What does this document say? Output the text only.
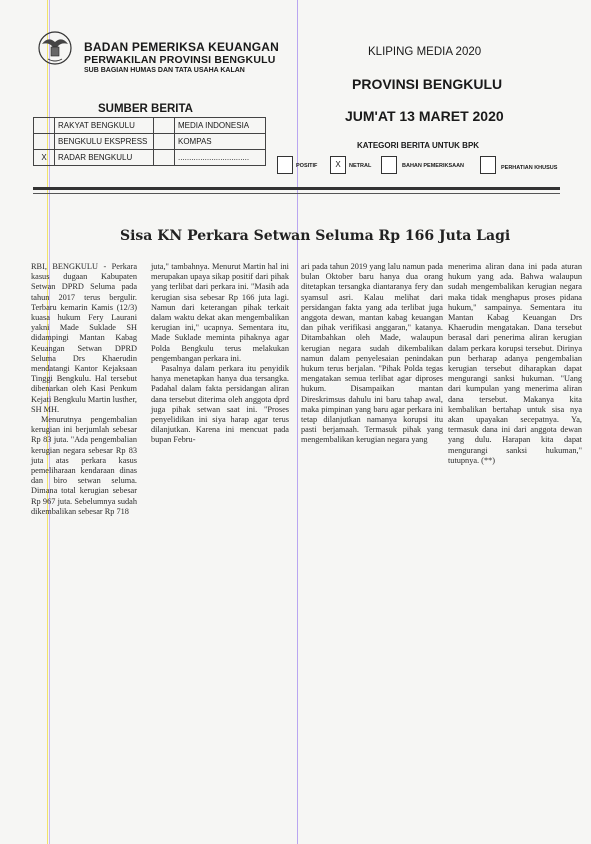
BADAN PEMERIKSA KEUANGAN
PERWAKILAN PROVINSI BENGKULU
SUB BAGIAN HUMAS DAN TATA USAHA KALAN
KLIPING MEDIA 2020
PROVINSI BENGKULU
JUM'AT 13 MARET 2020
SUMBER BERITA
	RAKYAT BENGKULU		MEDIA INDONESIA
	BENGKULU EKSPRESS		KOMPAS
X	RADAR BENGKULU		................................
KATEGORI BERITA UNTUK BPK
POSITIF	X	NETRAL	BAHAN PEMERIKSAAN	PERHATIAN KHUSUS
Sisa KN Perkara Setwan Seluma Rp 166 Juta Lagi
RBI, BENGKULU - Perkara kasus dugaan Kabupaten Setwan DPRD Seluma pada tahun 2017 terus bergulir. Terbaru kemarin Kamis (12/3) kuasa hukum Fery Laurani yakni Made Suklade SH didampingi Mantan Kabag Keuangan Setwan DPRD Seluma Drs Khaerudin mendatangi Kantor Kejaksaan Tinggi Bengkulu. Hal tersebut dibenarkan oleh Kasi Penkum Kejati Bengkulu Martin lusther, SH MH.
Menurutnya pengembalian kerugian ini berjumlah sebesar Rp 83 juta. "Ada pengembalian kerugian negara sebesar Rp 83 juta atas perkara kasus pemeliharaan kendaraan dinas dan biro setwan seluma. Dimana total kerugian sebesar Rp 967 juta. Sebelumnya sudah dikembalikan sebesar Rp 718
juta," tambahnya. Menurut Martin hal ini merupakan upaya sikap positif dari pihak yang terlibat dari perkara ini. "Masih ada kerugian sisa sebesar Rp 166 juta lagi. Namun dari keterangan pihak terkait dalam waktu dekat akan mengembalikan kerugian ini," ucapnya. Sementara itu, Made Suklade meminta pihaknya agar Polda Bengkulu terus melakukan pengembangan perkara ini.
Pasalnya dalam perkara itu penyidik hanya menetapkan hanya dua tersangka. Padahal dalam fakta persidangan aliran dana tersebut diterima oleh anggota dprd juga pihak setwan saat ini. "Proses penyelidikan ini siya harap agar terus dilanjutkan. Karena ini mencuat pada bupan Febru-
ari pada tahun 2019 yang lalu namun pada bulan Oktober baru hanya dua orang ditetapkan tersangka diantaranya fery dan syamsul asri. Kalau melihat dari persidangan fakta yang ada terlibat juga anggota dewan, mantan kabag keuangan dan pihak verifikasi anggaran," katanya. Ditambahkan oleh Made, walaupun kerugian negara sudah dikembalikan namun dalam penyelesaian penindakan hukum terus berjalan. "Pihak Polda tegas mengatakan semua terlibat agar diproses hukum. Disampaikan mantan Direskrimsus dahulu ini baru tahap awal, maka pimpinan yang baru agar perkara ini tetap dilanjutkan namanya korupsi itu pasti berjamaah. Termasuk pihak yang mengembalikan kerugian negara yang
menerima aliran dana ini pada aturan hukum yang ada. Bahwa walaupun sudah mengembalikan kerugian negara maka tidak menghapus proses pidana hukum," sampainya. Sementara itu Mantan Kabag Keuangan Drs Khaerudin mengatakan. Dana tersebut berasal dari penerima aliran kerugian dalam perkara korupsi tersebut. Dirinya pun berharap adanya pengembalian kerugian tersebut diharapkan dapat mengurangi sanksi hukuman. "Uang dari kumpulan yang menerima aliran dana tersebut. Makanya kita kembalikan bertahap untuk sisa nya akan upayakan secepatnya. Ya, termasuk dana ini dari anggota dewan yang dulu. Harapan kita dapat mengurangi sanksi hukuman," tutupnya. (**)
